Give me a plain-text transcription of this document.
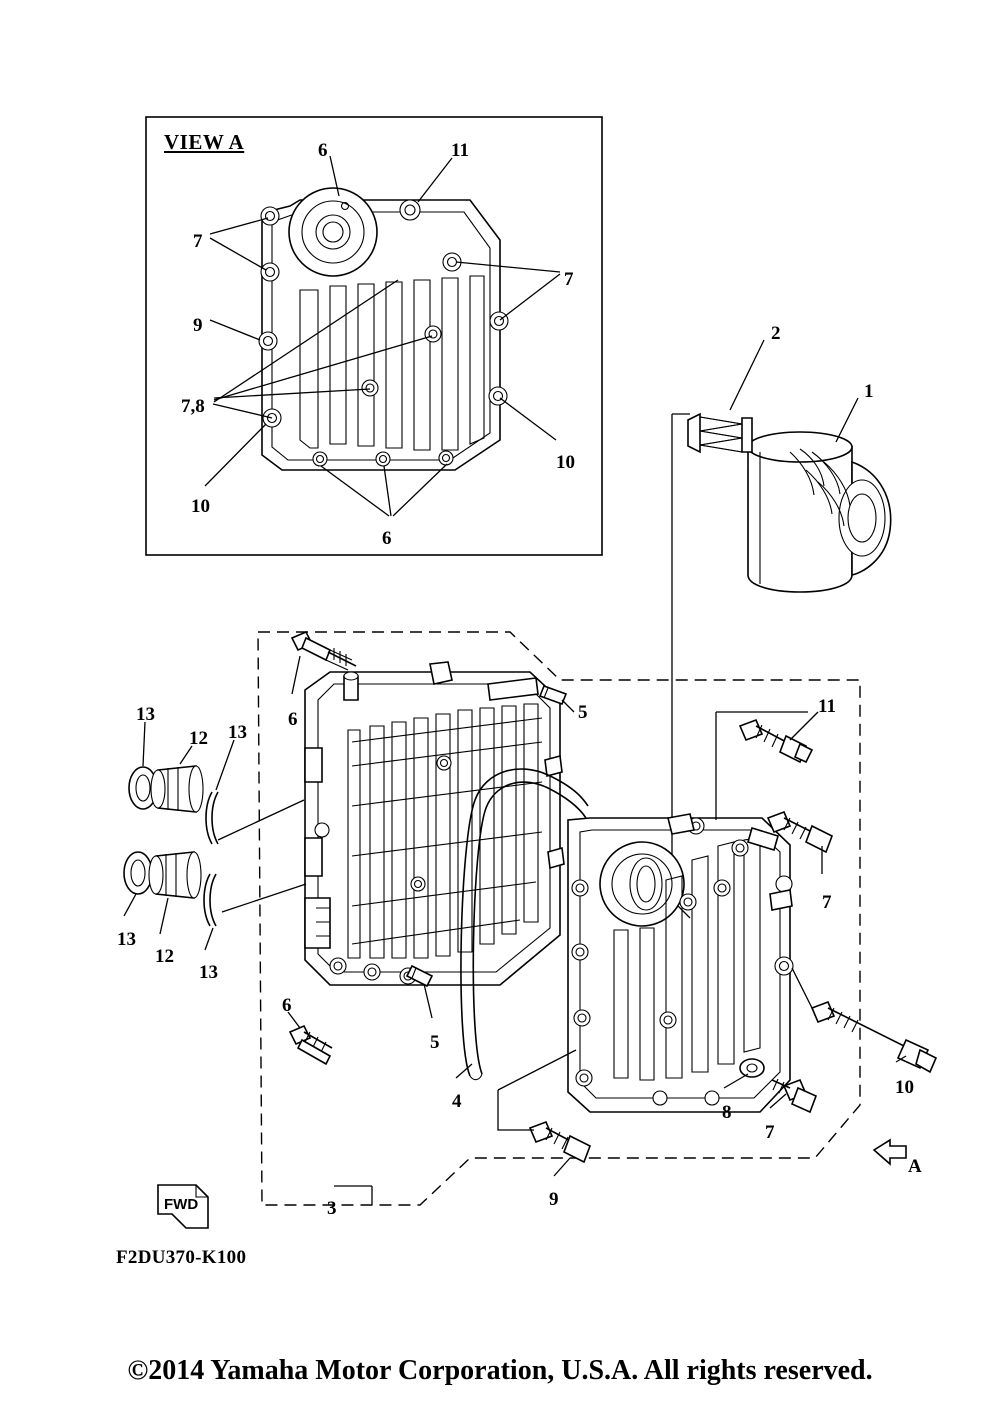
VIEW A	6	11
7
7
9
7,8
10
10
6
2
1
13
12 13
13
12
13
6	5	11
7
6
5
10
4
8
7
9
3
FWD
A
F2DU370-K100
©2014 Yamaha Motor Corporation, U.S.A. All rights reserved.
